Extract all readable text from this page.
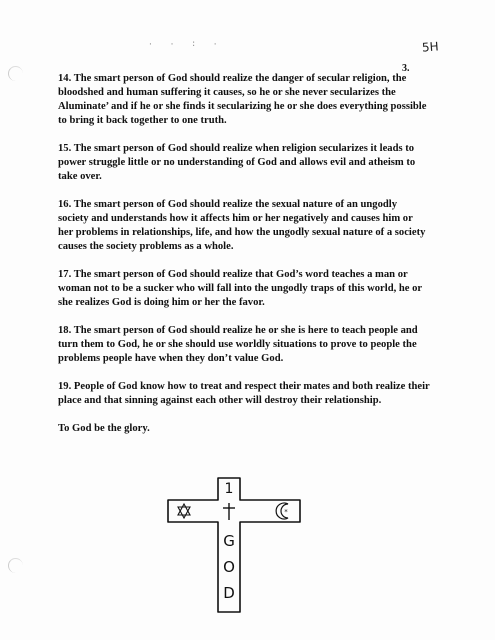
· · : ·	5H
3.

14. The smart person of God should realize the danger of secular religion, the bloodshed and human suffering it causes, so he or she never secularizes the Aluminate’ and if he or she finds it secularizing he or she does everything possible to bring it back together to one truth.

15. The smart person of God should realize when religion secularizes it leads to power struggle little or no understanding of God and allows evil and atheism to take over.

16. The smart person of God should realize the sexual nature of an ungodly society and understands how it affects him or her negatively and causes him or her problems in relationships, life, and how the ungodly sexual nature of a society causes the society problems as a whole.

17. The smart person of God should realize that God’s word teaches a man or woman not to be a sucker who will fall into the ungodly traps of this world, he or she realizes God is doing him or her the favor.

18. The smart person of God should realize he or she is here to teach people and turn them to God, he or she should use worldly situations to prove to people the problems people have when they don’t value God.

19. People of God know how to treat and respect their mates and both realize their place and that sinning against each other will destroy their relationship.

To God be the glory.

1
*
G
O
D
